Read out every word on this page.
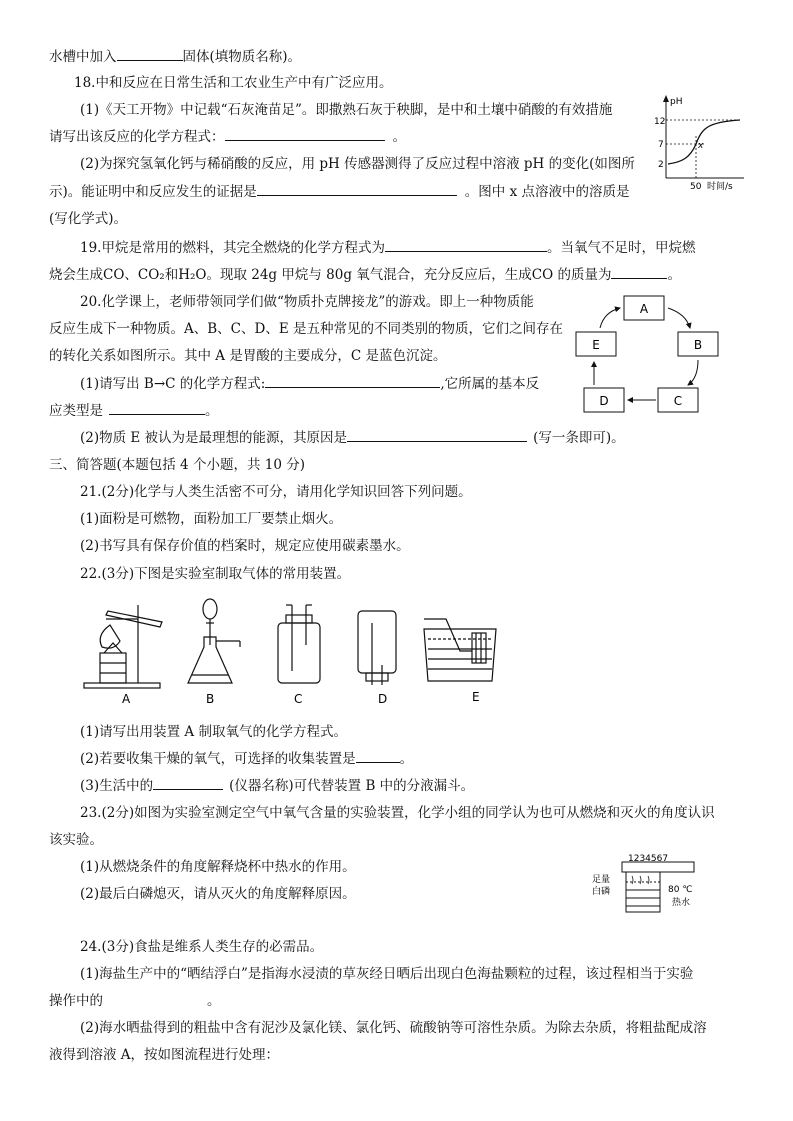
水槽中加入	固体(填物质名称)。
18.中和反应在日常生活和工农业生产中有广泛应用。
(1)《天工开物》中记载“石灰淹苗足”。即撒熟石灰于秧脚，是中和土壤中硝酸的有效措施
请写出该反应的化学方程式：	。
(2)为探究氢氧化钙与稀硝酸的反应，用 pH 传感器测得了反应过程中溶液 pH 的变化(如图所
示)。能证明中和反应发生的证据是	。图中 x 点溶液中的溶质是
(写化学式)。
pH
12
7
2
x
50 时间/s
19.甲烷是常用的燃料，其完全燃烧的化学方程式为	。当氧气不足时，甲烷燃
烧会生成CO、CO₂和H₂O。现取 24g 甲烷与 80g 氧气混合，充分反应后，生成CO 的质量为	。
20.化学课上，老师带领同学们做“物质扑克牌接龙”的游戏。即上一种物质能
反应生成下一种物质。A、B、C、D、E 是五种常见的不同类别的物质，它们之间存在
的转化关系如图所示。其中 A 是胃酸的主要成分，C 是蓝色沉淀。
(1)请写出 B→C 的化学方程式:	,它所属的基本反
应类型是	。
(2)物质 E 被认为是最理想的能源，其原因是	(写一条即可)。
A
B
C
D
E
三、简答题(本题包括 4 个小题，共 10 分)
21.(2分)化学与人类生活密不可分，请用化学知识回答下列问题。
(1)面粉是可燃物，面粉加工厂要禁止烟火。
(2)书写具有保存价值的档案时，规定应使用碳素墨水。
22.(3分)下图是实验室制取气体的常用装置。
A	B	C	D	E
(1)请写出用装置 A 制取氧气的化学方程式。
(2)若要收集干燥的氧气，可选择的收集装置是	。
(3)生活中的	(仪器名称)可代替装置 B 中的分液漏斗。
23.(2分)如图为实验室测定空气中氧气含量的实验装置，化学小组的同学认为也可从燃烧和灭火的角度认识
该实验。
(1)从燃烧条件的角度解释烧杯中热水的作用。
(2)最后白磷熄灭，请从灭火的角度解释原因。
1234567
足量
白磷	80 ℃
热水
24.(3分)食盐是维系人类生存的必需品。
(1)海盐生产中的“晒结浮白”是指海水浸渍的草灰经日晒后出现白色海盐颗粒的过程，该过程相当于实验
操作中的	。
(2)海水晒盐得到的粗盐中含有泥沙及氯化镁、氯化钙、硫酸钠等可溶性杂质。为除去杂质，将粗盐配成溶
液得到溶液 A，按如图流程进行处理：
